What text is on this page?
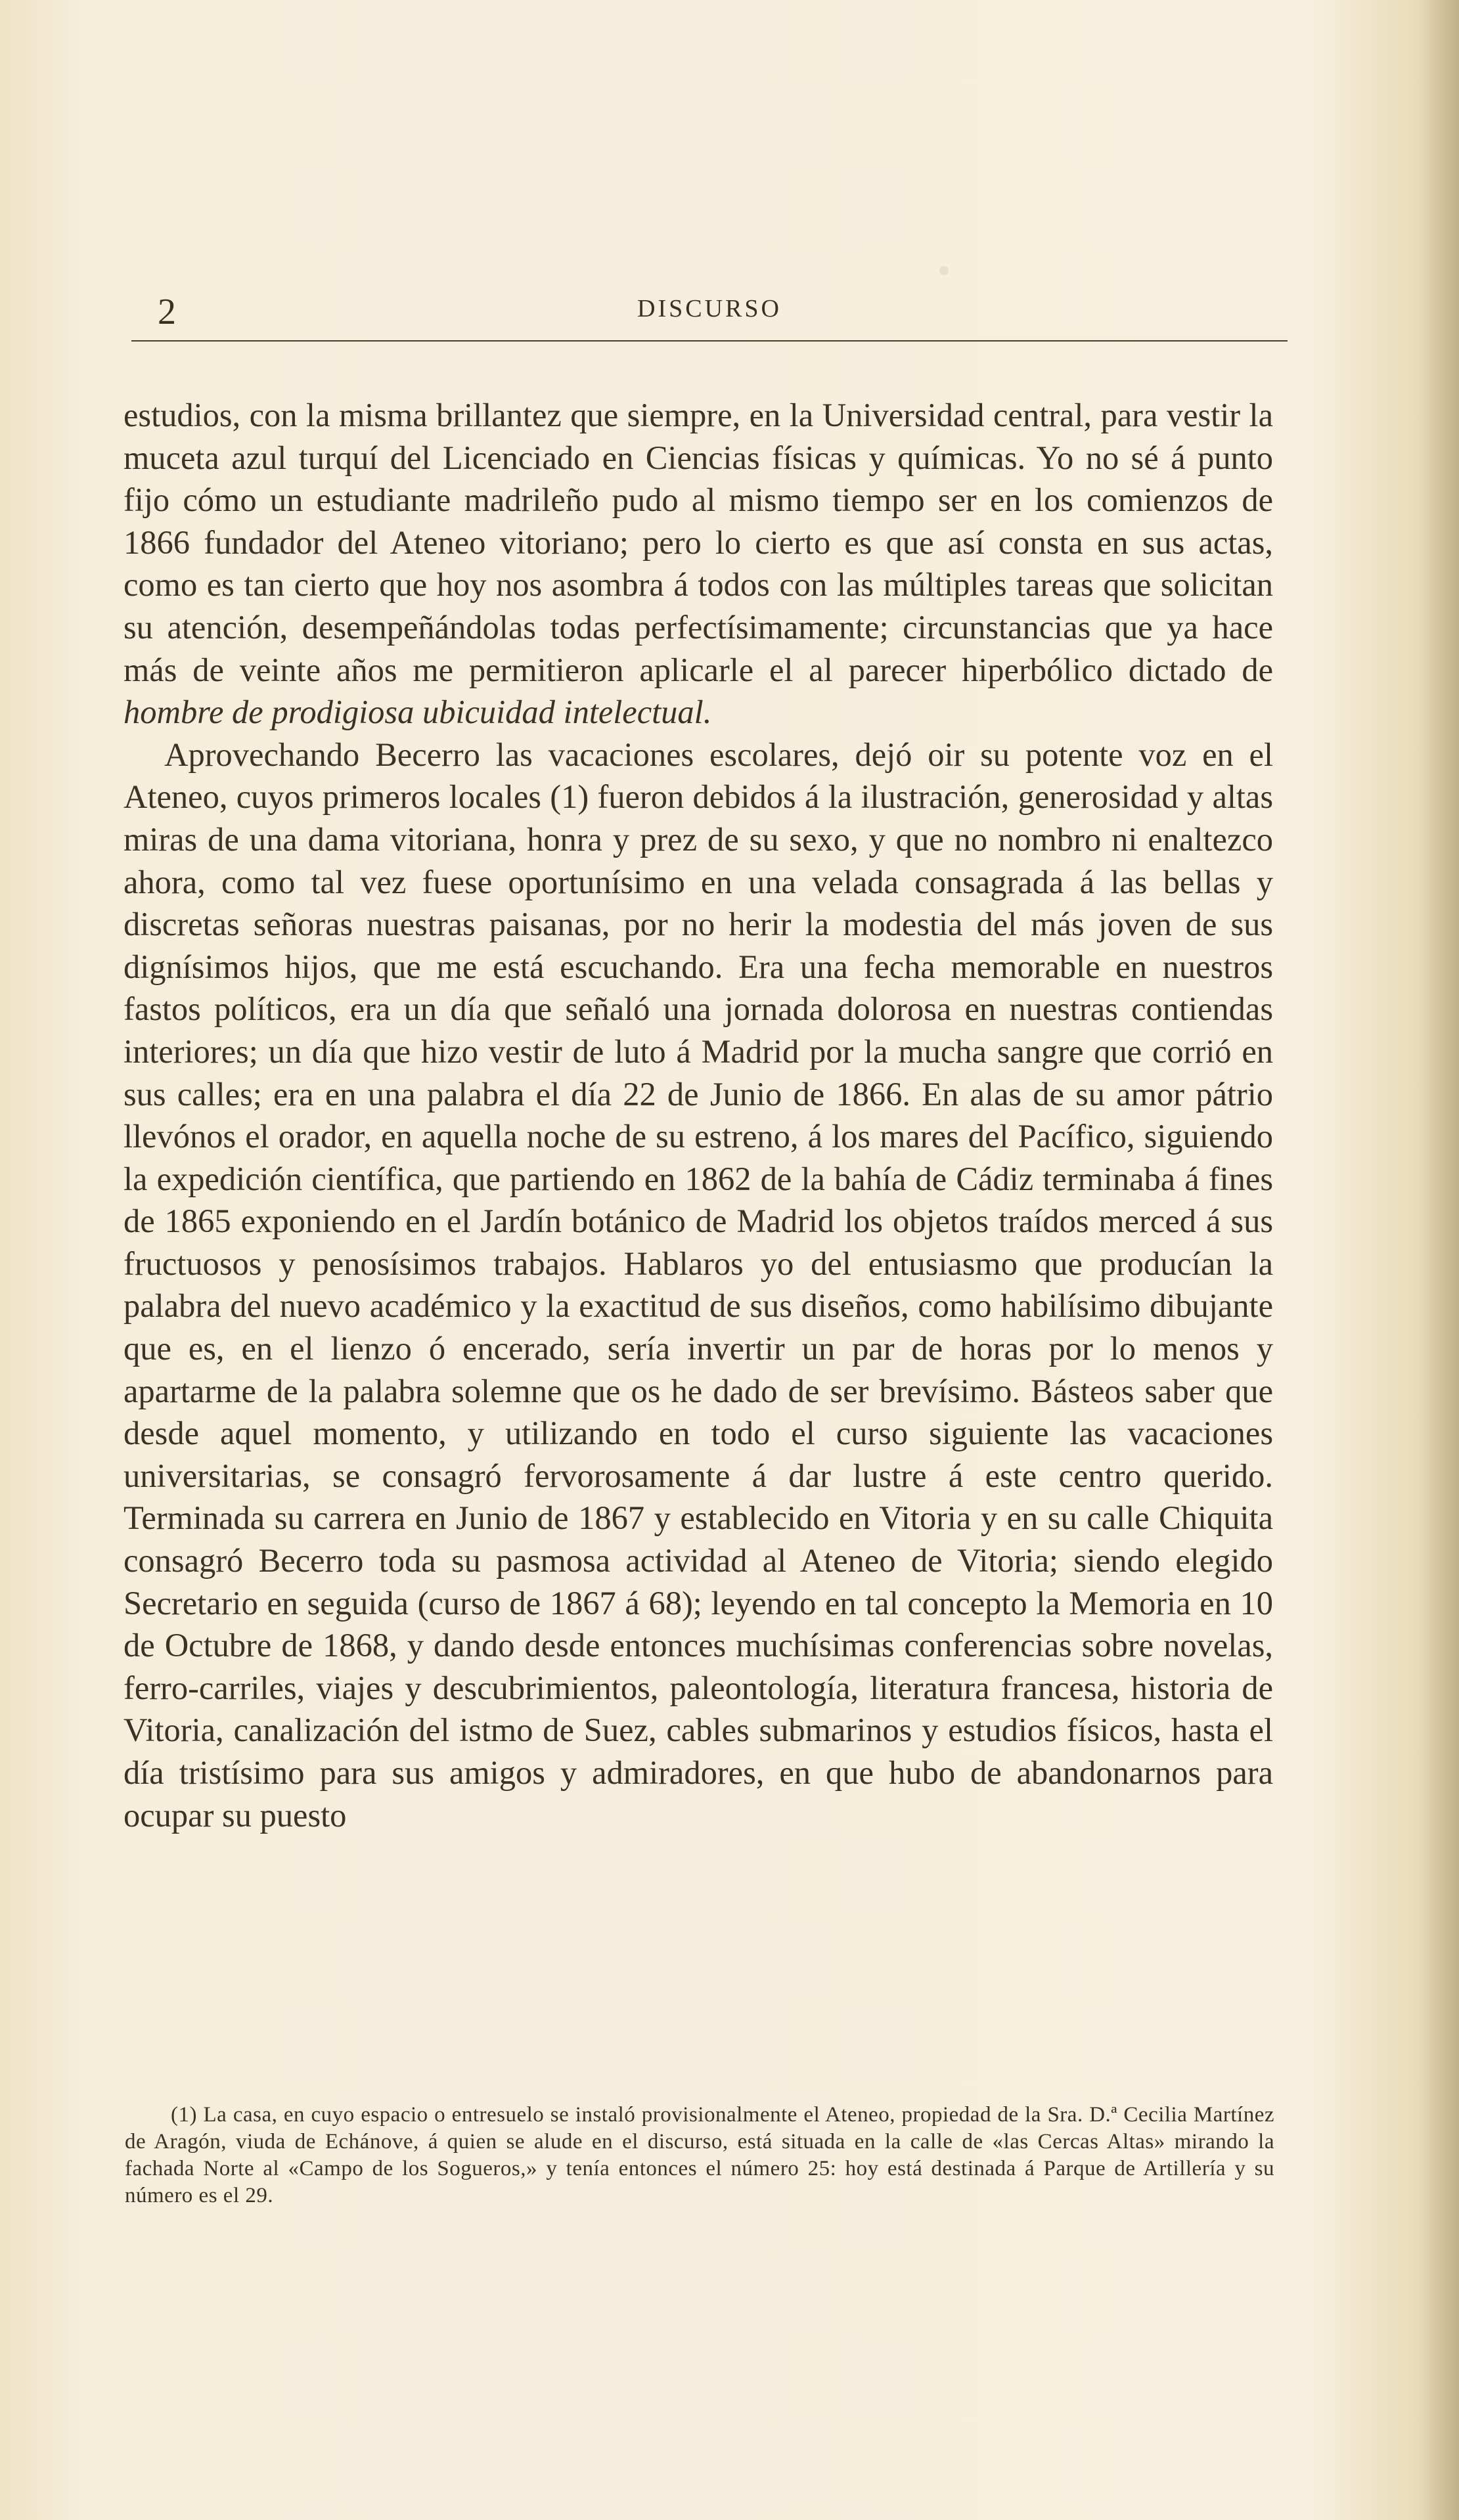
2	DISCURSO

estudios, con la misma brillantez que siempre, en la Universidad central, para vestir la muceta azul turquí del Licenciado en Ciencias físicas y químicas. Yo no sé á punto fijo cómo un estudiante madrileño pudo al mismo tiempo ser en los comienzos de 1866 fundador del Ateneo vitoriano; pero lo cierto es que así consta en sus actas, como es tan cierto que hoy nos asombra á todos con las múltiples tareas que solicitan su atención, desempeñándolas todas perfectísimamente; circunstancias que ya hace más de veinte años me permitieron aplicarle el al parecer hiperbólico dictado de hombre de prodigiosa ubicuidad intelectual.

Aprovechando Becerro las vacaciones escolares, dejó oir su potente voz en el Ateneo, cuyos primeros locales (1) fueron debidos á la ilustración, generosidad y altas miras de una dama vitoriana, honra y prez de su sexo, y que no nombro ni enaltezco ahora, como tal vez fuese oportunísimo en una velada consagrada á las bellas y discretas señoras nuestras paisanas, por no herir la modestia del más joven de sus dignísimos hijos, que me está escuchando. Era una fecha memorable en nuestros fastos políticos, era un día que señaló una jornada dolorosa en nuestras contiendas interiores; un día que hizo vestir de luto á Madrid por la mucha sangre que corrió en sus calles; era en una palabra el día 22 de Junio de 1866. En alas de su amor pátrio llevónos el orador, en aquella noche de su estreno, á los mares del Pacífico, siguiendo la expedición científica, que partiendo en 1862 de la bahía de Cádiz terminaba á fines de 1865 exponiendo en el Jardín botánico de Madrid los objetos traídos merced á sus fructuosos y penosísimos trabajos. Hablaros yo del entusiasmo que producían la palabra del nuevo académico y la exactitud de sus diseños, como habilísimo dibujante que es, en el lienzo ó encerado, sería invertir un par de horas por lo menos y apartarme de la palabra solemne que os he dado de ser brevísimo. Básteos saber que desde aquel momento, y utilizando en todo el curso siguiente las vacaciones universitarias, se consagró fervorosamente á dar lustre á este centro querido. Terminada su carrera en Junio de 1867 y establecido en Vitoria y en su calle Chiquita consagró Becerro toda su pasmosa actividad al Ateneo de Vitoria; siendo elegido Secretario en seguida (curso de 1867 á 68); leyendo en tal concepto la Memoria en 10 de Octubre de 1868, y dando desde entonces muchísimas conferencias sobre novelas, ferro-carriles, viajes y descubrimientos, paleontología, literatura francesa, historia de Vitoria, canalización del istmo de Suez, cables submarinos y estudios físicos, hasta el día tristísimo para sus amigos y admiradores, en que hubo de abandonarnos para ocupar su puesto

(1) La casa, en cuyo espacio o entresuelo se instaló provisionalmente el Ateneo, propiedad de la Sra. D.ª Cecilia Martínez de Aragón, viuda de Echánove, á quien se alude en el discurso, está situada en la calle de «las Cercas Altas» mirando la fachada Norte al «Campo de los Sogueros,» y tenía entonces el número 25: hoy está destinada á Parque de Artillería y su número es el 29.
